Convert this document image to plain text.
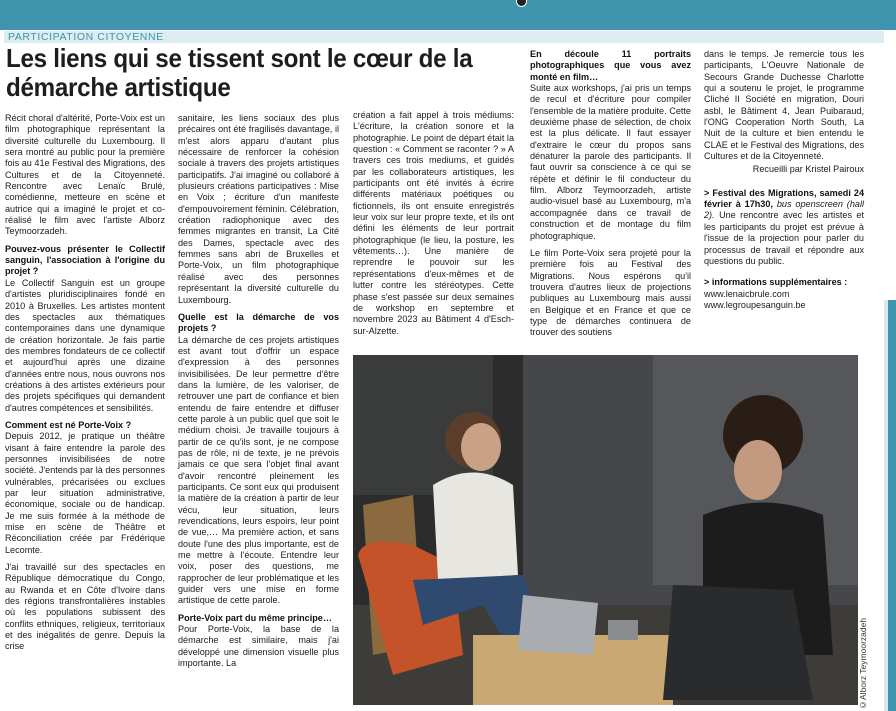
PARTICIPATION CITOYENNE
Les liens qui se tissent sont le cœur de la démarche artistique

Récit choral d'altérité, Porte-Voix est un film photographique représentant la diversité culturelle du Luxembourg. Il sera montré au public pour la première fois au 41e Festival des Migrations, des Cultures et de la Citoyenneté. Rencontre avec Lenaïc Brulé, comédienne, metteure en scène et autrice qui a imaginé le projet et co-réalisé le film avec l'artiste Alborz Teymoorzadeh.

Pouvez-vous présenter le Collectif sanguin, l'association à l'origine du projet ?

Le Collectif Sanguin est un groupe d'artistes pluridisciplinaires fondé en 2010 à Bruxelles. Les artistes montent des spectacles aux thématiques contemporaines dans une dynamique de création horizontale. Je fais partie des membres fondateurs de ce collectif et aujourd'hui après une dizaine d'années entre nous, nous ouvrons nos créations à des artistes extérieurs pour des projets spécifiques qui demandent d'autres compétences et sensibilités.

Comment est né Porte-Voix ?

Depuis 2012, je pratique un théâtre visant à faire entendre la parole des personnes invisibilisées de notre société. J'entends par là des personnes vulnérables, précarisées ou exclues par leur situation administrative, économique, sociale ou de handicap. Je me suis formée à la méthode de mise en scène de Théâtre et Réconciliation créée par Frédérique Lecomte.

J'ai travaillé sur des spectacles en République démocratique du Congo, au Rwanda et en Côte d'Ivoire dans des régions transfrontalières instables où les populations subissent des conflits ethniques, religieux, territoriaux et des inégalités de genre. Depuis la crise

sanitaire, les liens sociaux des plus précaires ont été fragilisés davantage, il m'est alors apparu d'autant plus nécessaire de renforcer la cohésion sociale à travers des projets artistiques participatifs. J'ai imaginé ou collaboré à plusieurs créations participatives : Mise en Voix ; écriture d'un manifeste d'empouvoirement féminin. Célébration, création radiophonique avec des femmes migrantes en transit, La Cité des Dames, spectacle avec des femmes sans abri de Bruxelles et Porte-Voix, un film photographique réalisé avec des personnes représentant la diversité culturelle du Luxembourg.

Quelle est la démarche de vos projets ?

La démarche de ces projets artistiques est avant tout d'offrir un espace d'expression à des personnes invisibilisées. De leur permettre d'être dans la lumière, de les valoriser, de retrouver une part de confiance et bien entendu de faire entendre et diffuser cette parole à un public quel que soit le médium choisi. Je travaille toujours à partir de ce qu'ils sont, je ne compose pas de rôle, ni de texte, je ne prévois jamais ce que sera l'objet final avant d'avoir rencontré pleinement les participants. Ce sont eux qui produisent la matière de la création à partir de leur vécu, leur situation, leurs revendications, leurs espoirs, leur point de vue,… Ma première action, et sans doute l'une des plus importante, est de me mettre à l'écoute. Entendre leur voix, poser des questions, me rapprocher de leur problématique et les guider vers une mise en forme artistique de cette parole.

Porte-Voix part du même principe…

Pour Porte-Voix, la base de la démarche est similaire, mais j'ai développé une dimension visuelle plus importante. La

création a fait appel à trois médiums: L'écriture, la création sonore et la photographie. Le point de départ était la question : « Comment se raconter ? » A travers ces trois mediums, et guidés par les collaborateurs artistiques, les participants ont été invités à écrire différents matériaux poétiques ou fictionnels, ils ont ensuite enregistrés leur voix sur leur propre texte, et ils ont défini les éléments de leur portrait photographique (le lieu, la posture, les vêtements…). Une manière de reprendre le pouvoir sur les représentations d'eux-mêmes et de lutter contre les stéréotypes. Cette phase s'est passée sur deux semaines de workshop en septembre et novembre 2023 au Bâtiment 4 d'Esch-sur-Alzette.

En découle 11 portraits photographiques que vous avez monté en film…

Suite aux workshops, j'ai pris un temps de recul et d'écriture pour compiler l'ensemble de la matière produite. Cette deuxième phase de sélection, de choix est la plus délicate. Il faut essayer d'extraire le cœur du propos sans dénaturer la parole des participants. Il faut ouvrir sa conscience à ce qui se répète et définir le fil conducteur du film. Alborz Teymoorzadeh, artiste audio-visuel basé au Luxembourg, m'a accompagnée dans ce travail de construction et de montage du film photographique.

Le film Porte-Voix sera projeté pour la première fois au Festival des Migrations. Nous espérons qu'il trouvera d'autres lieux de projections publiques au Luxembourg mais aussi en Belgique et en France et que ce type de démarches continuera de trouver des soutiens

dans le temps. Je remercie tous les participants, L'Oeuvre Nationale de Secours Grande Duchesse Charlotte qui a soutenu le projet, le programme Cliché II Société en migration, Douri asbl, le Bâtiment 4, Jean Puibaraud, l'ONG Cooperation North South, La Nuit de la culture et bien entendu le CLAE et le Festival des Migrations, des Cultures et de la Citoyenneté.

Recueilli par Kristel Pairoux

> Festival des Migrations, samedi 24 février à 17h30, bus openscreen (hall 2). Une rencontre avec les artistes et les participants du projet est prévue à l'issue de la projection pour parler du processus de travail et répondre aux questions du public.

> informations supplémentaires :
www.lenaicbrule.com
www.legroupesanguin.be

©Alborz Teymoorzadeh
